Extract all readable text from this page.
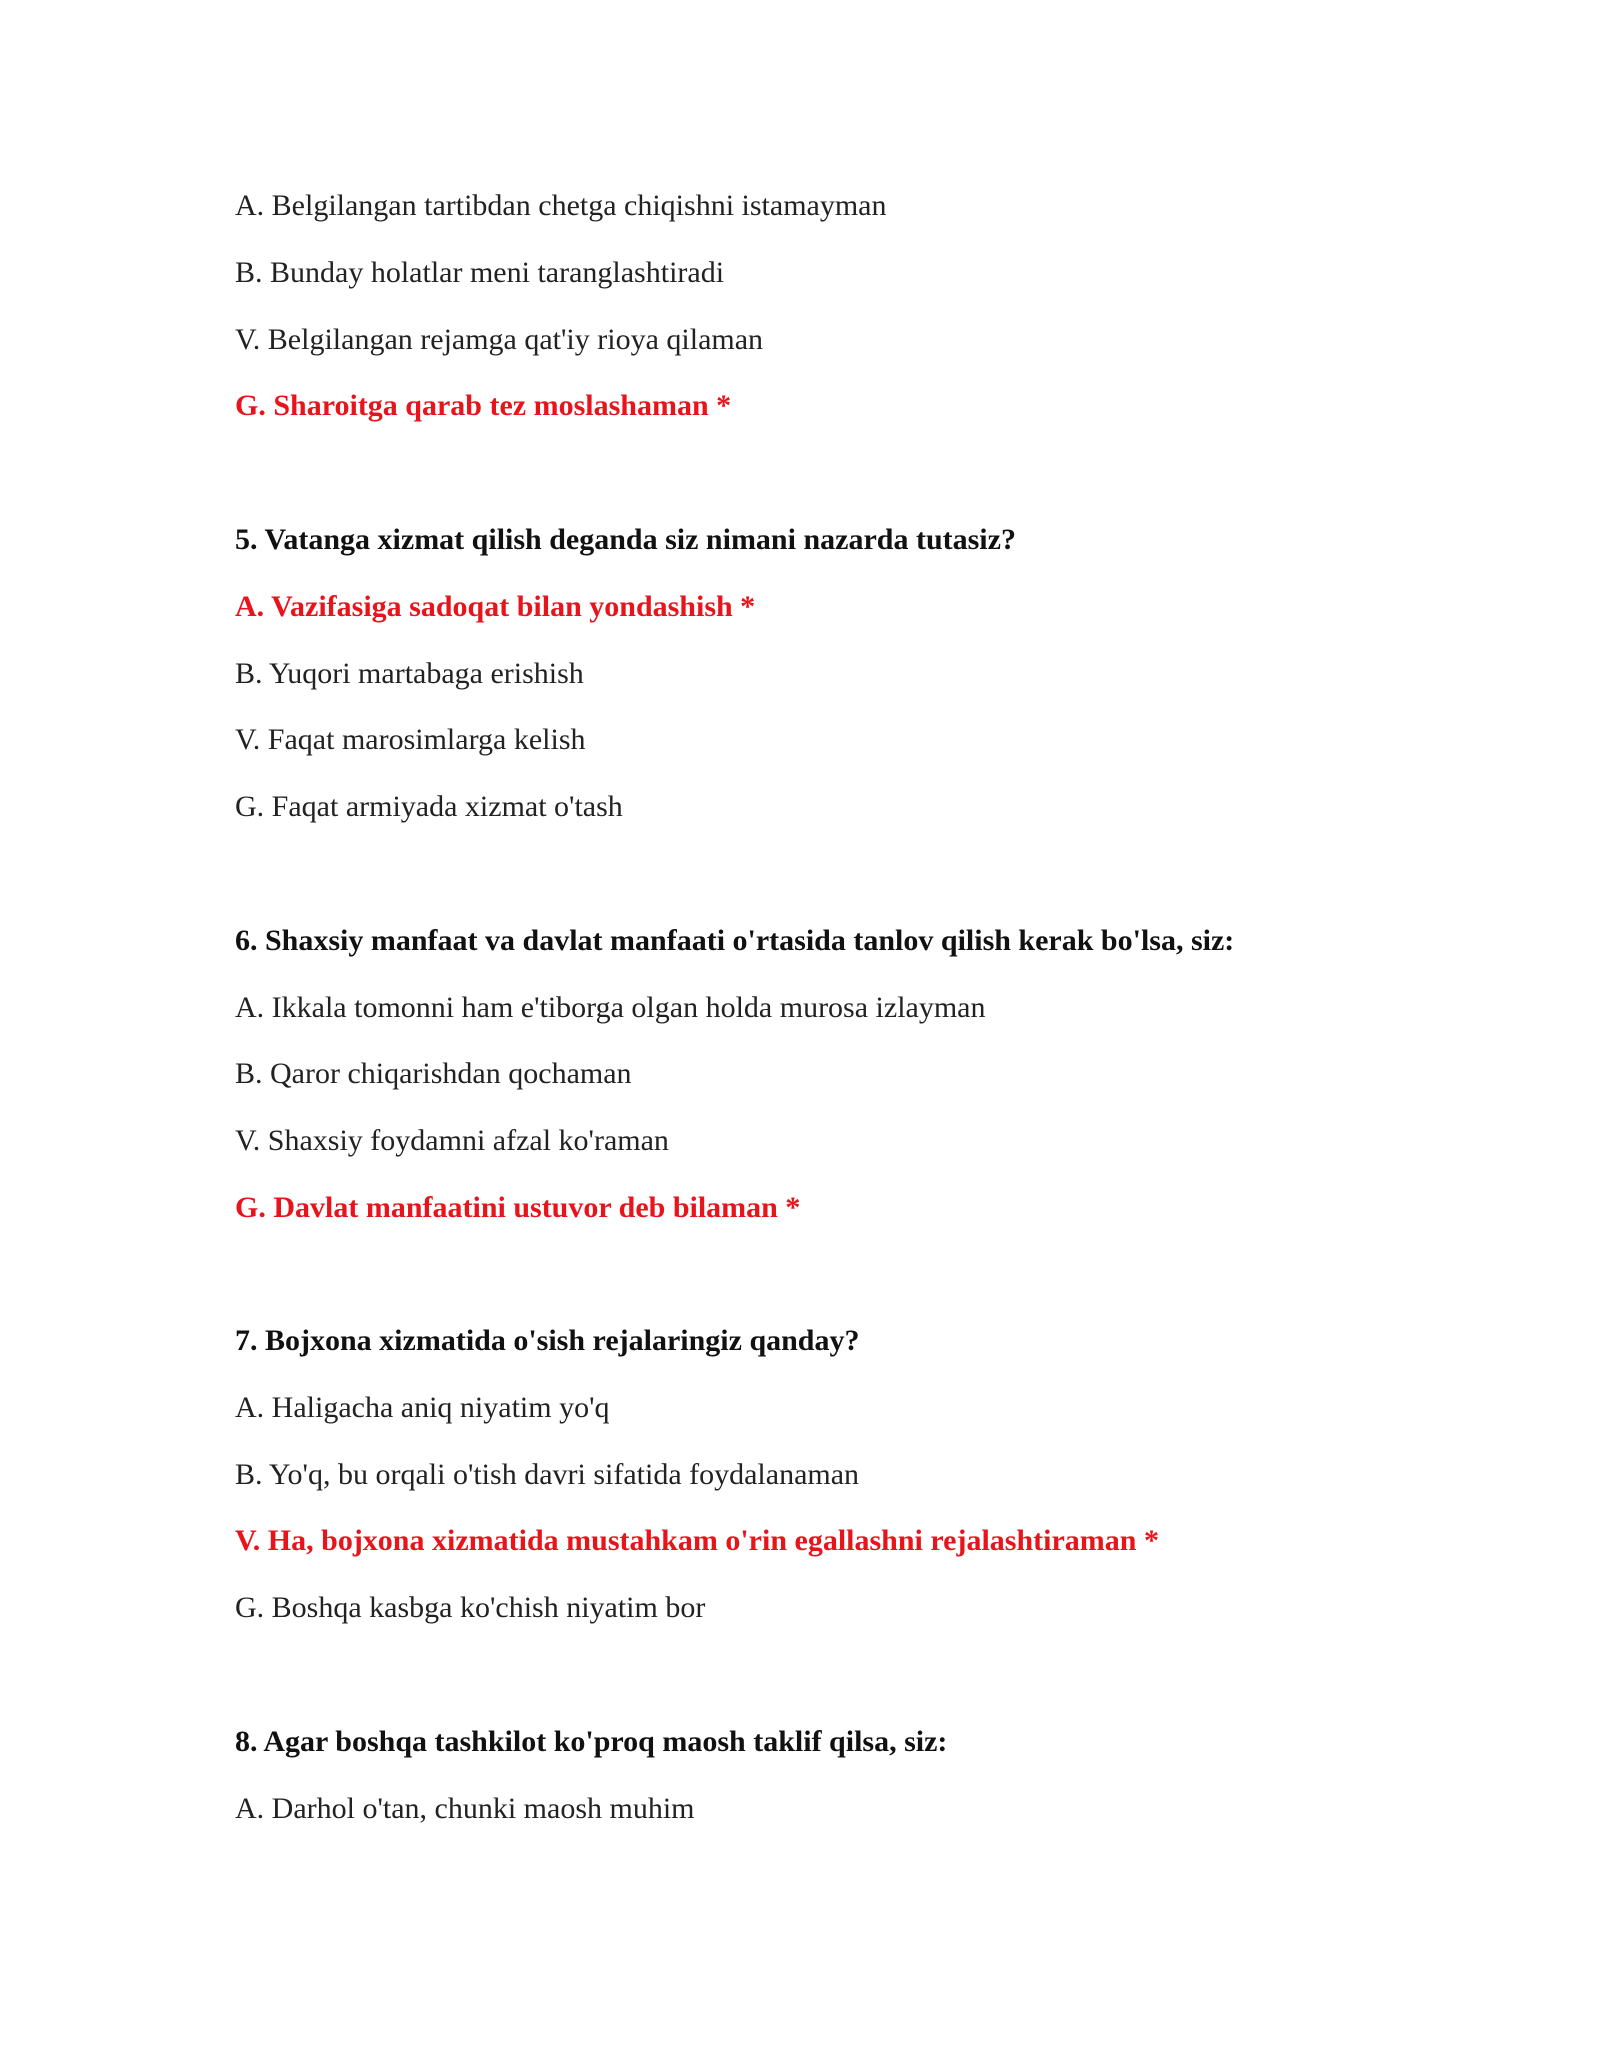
A. Belgilangan tartibdan chetga chiqishni istamayman
B. Bunday holatlar meni taranglashtiradi
V. Belgilangan rejamga qat'iy rioya qilaman
G. Sharoitga qarab tez moslashaman *
5. Vatanga xizmat qilish deganda siz nimani nazarda tutasiz?
A. Vazifasiga sadoqat bilan yondashish *
B. Yuqori martabaga erishish
V. Faqat marosimlarga kelish
G. Faqat armiyada xizmat o'tash
6. Shaxsiy manfaat va davlat manfaati o'rtasida tanlov qilish kerak bo'lsa, siz:
A. Ikkala tomonni ham e'tiborga olgan holda murosa izlayman
B. Qaror chiqarishdan qochaman
V. Shaxsiy foydamni afzal ko'raman
G. Davlat manfaatini ustuvor deb bilaman *
7. Bojxona xizmatida o'sish rejalaringiz qanday?
A. Haligacha aniq niyatim yo'q
B. Yo'q, bu orqali o'tish davri sifatida foydalanaman
V. Ha, bojxona xizmatida mustahkam o'rin egallashni rejalashtiraman *
G. Boshqa kasbga ko'chish niyatim bor
8. Agar boshqa tashkilot ko'proq maosh taklif qilsa, siz:
A. Darhol o'tan, chunki maosh muhim
